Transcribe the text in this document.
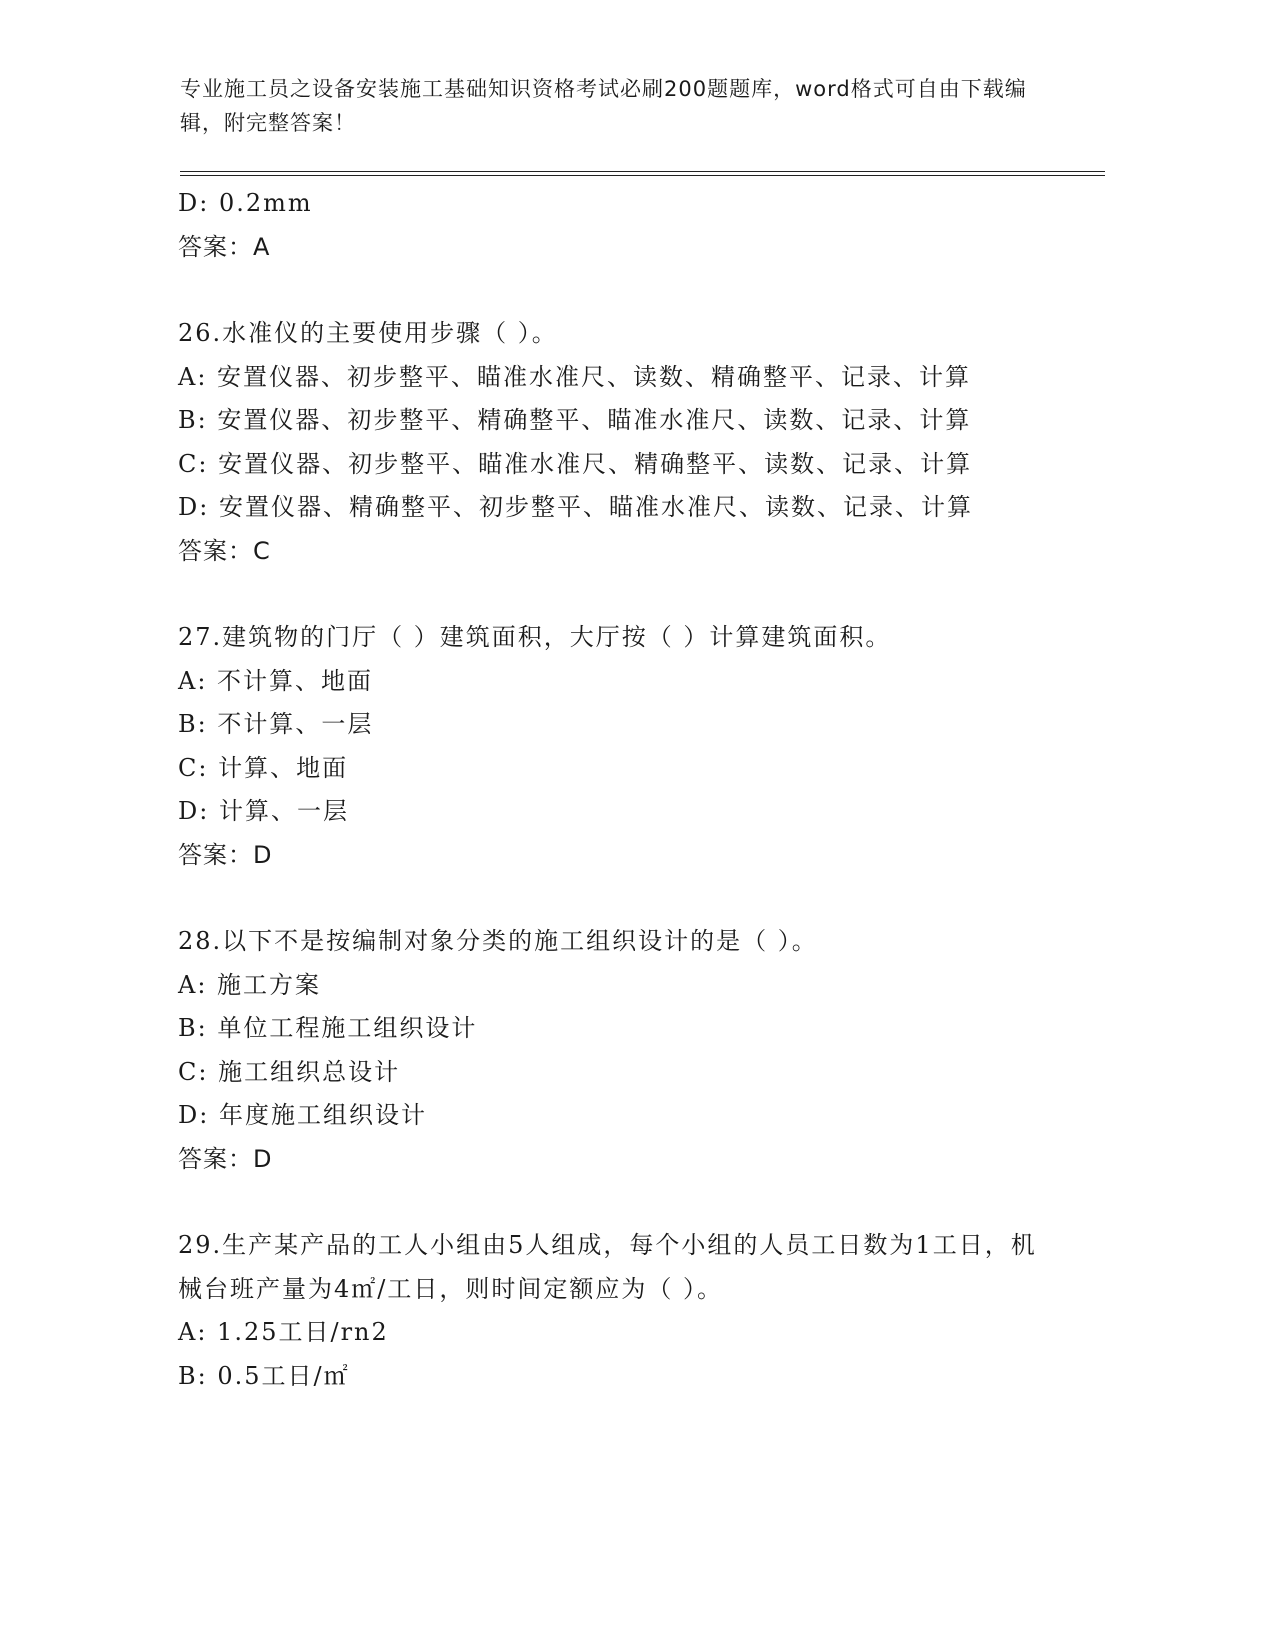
专业施工员之设备安装施工基础知识资格考试必刷200题题库，word格式可自由下载编辑，附完整答案！
D: 0.2mm
答案：A
26.水准仪的主要使用步骤（ ）。
A: 安置仪器、初步整平、瞄准水准尺、读数、精确整平、记录、计算
B: 安置仪器、初步整平、精确整平、瞄准水准尺、读数、记录、计算
C: 安置仪器、初步整平、瞄准水准尺、精确整平、读数、记录、计算
D: 安置仪器、精确整平、初步整平、瞄准水准尺、读数、记录、计算
答案：C
27.建筑物的门厅（ ）建筑面积，大厅按（ ）计算建筑面积。
A: 不计算、地面
B: 不计算、一层
C: 计算、地面
D: 计算、一层
答案：D
28.以下不是按编制对象分类的施工组织设计的是（ ）。
A: 施工方案
B: 单位工程施工组织设计
C: 施工组织总设计
D: 年度施工组织设计
答案：D
29.生产某产品的工人小组由5人组成，每个小组的人员工日数为1工日，机械台班产量为4㎡/工日，则时间定额应为（ ）。
A: 1.25工日/rn2
B: 0.5工日/㎡
